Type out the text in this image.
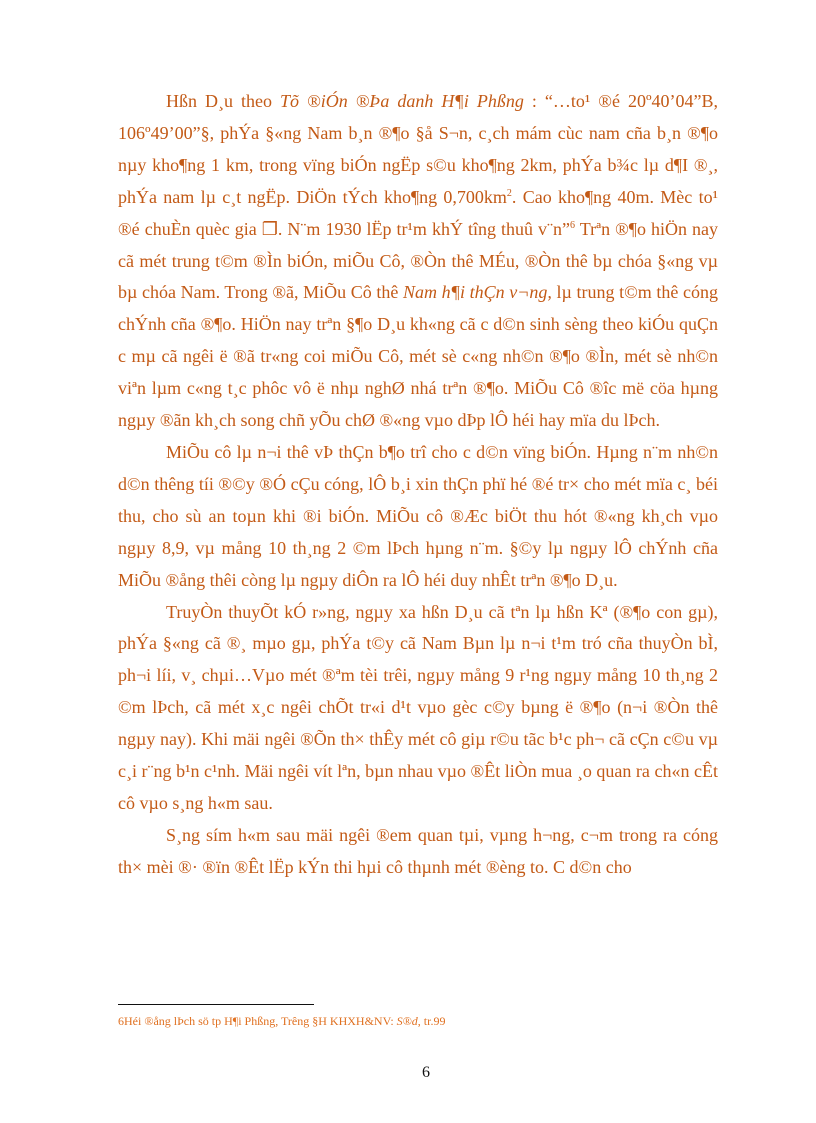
Hßn D¸u theo Tõ ®iÓn ®Þa danh H¶i Phßng : “…to¹ ®é 20º40’04”B, 106º49’00”§, phÝa §«ng Nam b¸n ®¶o §å S¬n, c¸ch mám cùc nam cña b¸n ®¶o nµy kho¶ng 1 km, trong vïng biÓn ngËp s©u kho¶ng 2km, phÝa b¾c lµ d¶I ®¸, phÝa nam lµ c¸t ngËp. DiÖn tÝch kho¶ng $0,700km^2$. Cao kho¶ng 40m. Mèc to¹ ®é chuÈn quèc gia ❐. N¨m 1930 lËp tr¹m khÝ tîng thuû v¨n”$^6$ Trªn ®¶o hiÖn nay cã mét trung t©m ®Ìn biÓn, miÕu Cô, ®Òn thê MÉu, ®Òn thê bµ chóa §«ng vµ bµ chóa Nam. Trong ®ã, MiÕu Cô thê Nam h¶i thÇn v¬ng, lµ trung t©m thê cóng chÝnh cña ®¶o. HiÖn nay trªn §¶o D¸u kh«ng cã c d©n sinh sèng theo kiÓu quÇn c mµ cã ngêi ë ®ã tr«ng coi miÕu Cô, mét sè c«ng nh©n ®¶o ®Ìn, mét sè nh©n viªn lµm c«ng t¸c phôc vô ë nhµ nghØ nhá trªn ®¶o. MiÕu Cô ®îc më cöa hµng ngµy ®ãn kh¸ch song chñ yÕu chØ ®«ng vµo dÞp lÔ héi hay mïa du lÞch.

MiÕu cô lµ n¬i thê vÞ thÇn b¶o trî cho c d©n vïng biÓn. Hµng n¨m nh©n d©n thêng tíi ®©y ®Ó cÇu cóng, lÔ b¸i xin thÇn phï hé ®é tr× cho mét mïa c¸ béi thu, cho sù an toµn khi ®i biÓn. MiÕu cô ®Æc biÖt thu hót ®«ng kh¸ch vµo ngµy 8,9, vµ mång 10 th¸ng 2 ©m lÞch hµng n¨m. §©y lµ ngµy lÔ chÝnh cña MiÕu ®ång thêi còng lµ ngµy diÔn ra lÔ héi duy nhÊt trªn ®¶o D¸u.

TruyÒn thuyÕt kÓ r»ng, ngµy xa hßn D¸u cã tªn lµ hßn Kª (®¶o con gµ), phÝa §«ng cã ®¸ mµo gµ, phÝa t©y cã Nam Bµn lµ n¬i t¹m tró cña thuyÒn bÌ, ph¬i líi, v¸ chµi…Vµo mét ®ªm tèi trêi, ngµy mång 9 r¹ng ngµy mång 10 th¸ng 2 ©m lÞch, cã mét x¸c ngêi chÕt tr«i d¹t vµo gèc c©y bµng ë ®¶o (n¬i ®Òn thê ngµy nay). Khi mäi ngêi ®Õn th× thÊy mét cô giµ r©u tãc b¹c ph¬ cã cÇn c©u vµ c¸i r¨ng b¹n c¹nh. Mäi ngêi vít lªn, bµn nhau vµo ®Êt liÒn mua ¸o quan ra ch«n cÊt cô vµo s¸ng h«m sau.

S¸ng sím h«m sau mäi ngêi ®em quan tµi, vµng h¬ng, c¬m trong ra cóng th× mèi ®· ®ïn ®Êt lËp kÝn thi hµi cô thµnh mét ®èng to. C d©n cho

6Héi ®ång lÞch sö tp H¶i Phßng, Trêng §H KHXH&NV: S®d, tr.99
6
